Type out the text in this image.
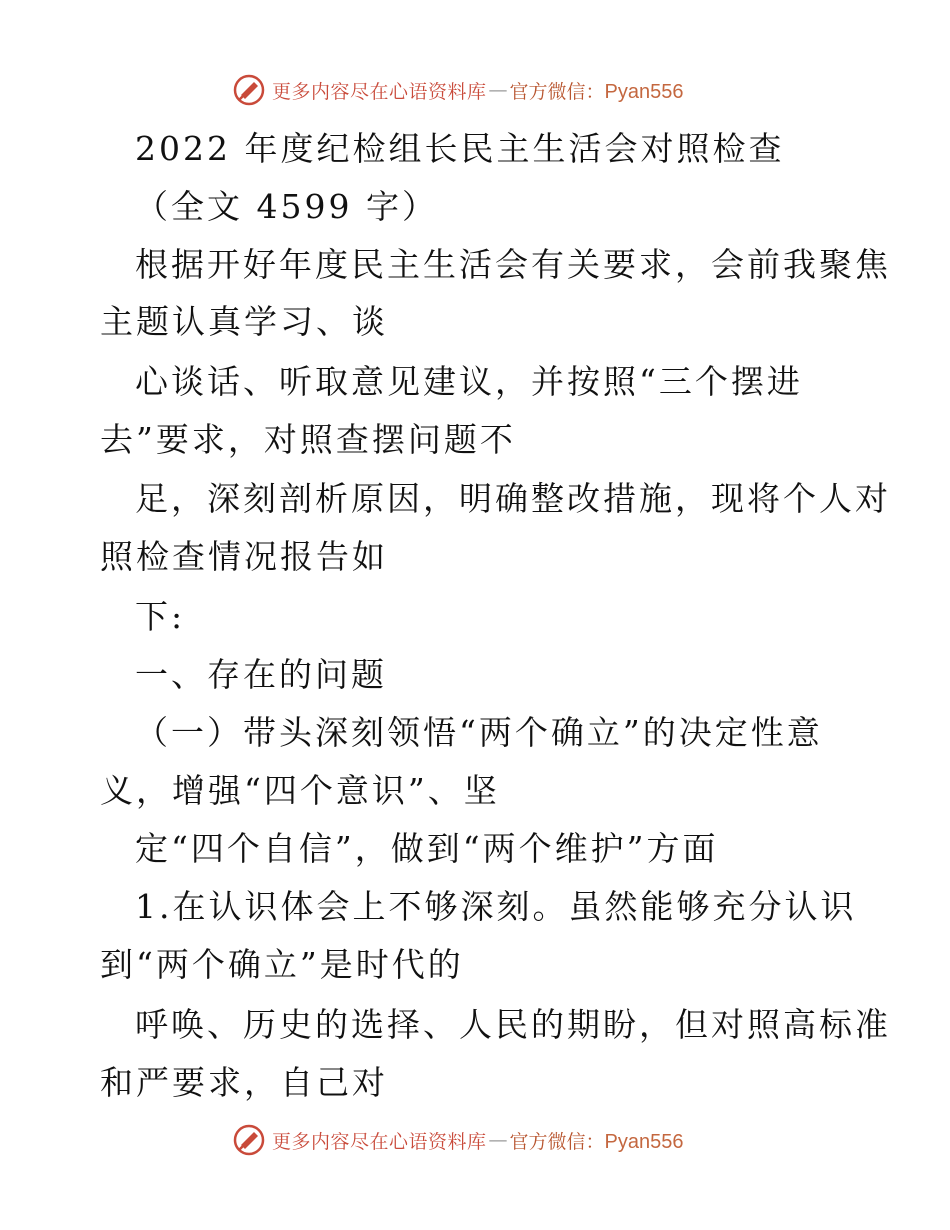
更多内容尽在心语资料库 — 官方微信：Pyan556
2022 年度纪检组长民主生活会对照检查
（全文 4599 字）
根据开好年度民主生活会有关要求，会前我聚焦
主题认真学习、谈
心谈话、听取意见建议，并按照“三个摆进
去”要求，对照查摆问题不
足，深刻剖析原因，明确整改措施，现将个人对
照检查情况报告如
下:
一、存在的问题
（一）带头深刻领悟“两个确立”的决定性意
义，增强“四个意识”、坚
定“四个自信”，做到“两个维护”方面
1.在认识体会上不够深刻。虽然能够充分认识
到“两个确立”是时代的
呼唤、历史的选择、人民的期盼，但对照高标准
和严要求，自己对
更多内容尽在心语资料库 — 官方微信：Pyan556
